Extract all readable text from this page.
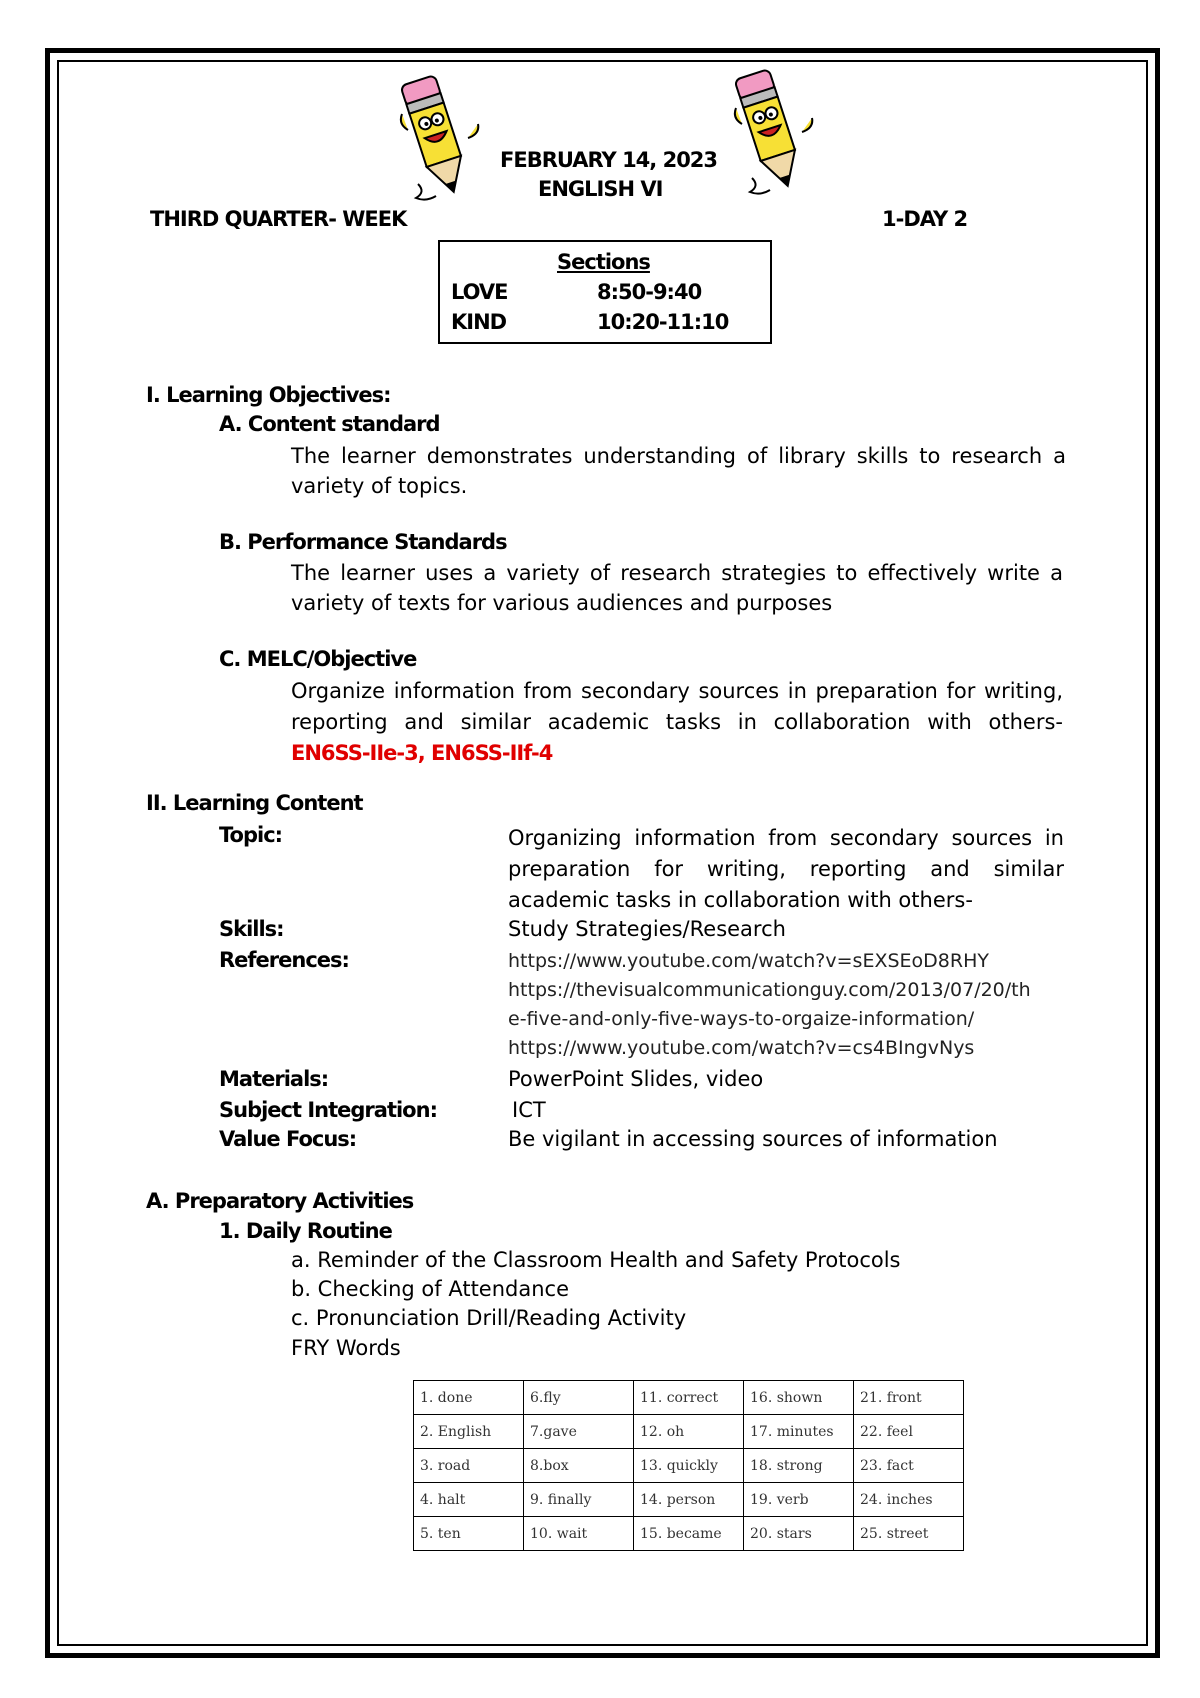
FEBRUARY 14, 2023
ENGLISH VI
THIRD QUARTER- WEEK	1-DAY 2
Sections
LOVE	8:50-9:40
KIND	10:20-11:10
I. Learning Objectives:
A. Content standard
The learner demonstrates understanding of library skills to research a variety of topics.
B. Performance Standards
The learner uses a variety of research strategies to effectively write a variety of texts for various audiences and purposes
C. MELC/Objective
Organize information from secondary sources in preparation for writing, reporting and similar academic tasks in collaboration with others- EN6SS-IIe-3, EN6SS-IIf-4
II. Learning Content
Topic:	Organizing information from secondary sources in preparation for writing, reporting and similar academic tasks in collaboration with others-
Skills:	Study Strategies/Research
References:	https://www.youtube.com/watch?v=sEXSEoD8RHY
https://thevisualcommunicationguy.com/2013/07/20/th
e-five-and-only-five-ways-to-orgaize-information/
https://www.youtube.com/watch?v=cs4BIngvNys
Materials:	PowerPoint Slides, video
Subject Integration:	ICT
Value Focus:	Be vigilant in accessing sources of information
A. Preparatory Activities
1. Daily Routine
a. Reminder of the Classroom Health and Safety Protocols
b. Checking of Attendance
c. Pronunciation Drill/Reading Activity
FRY Words
1. done	6.fly	11. correct	16. shown	21. front
2. English	7.gave	12. oh	17. minutes	22. feel
3. road	8.box	13. quickly	18. strong	23. fact
4. halt	9. finally	14. person	19. verb	24. inches
5. ten	10. wait	15. became	20. stars	25. street
